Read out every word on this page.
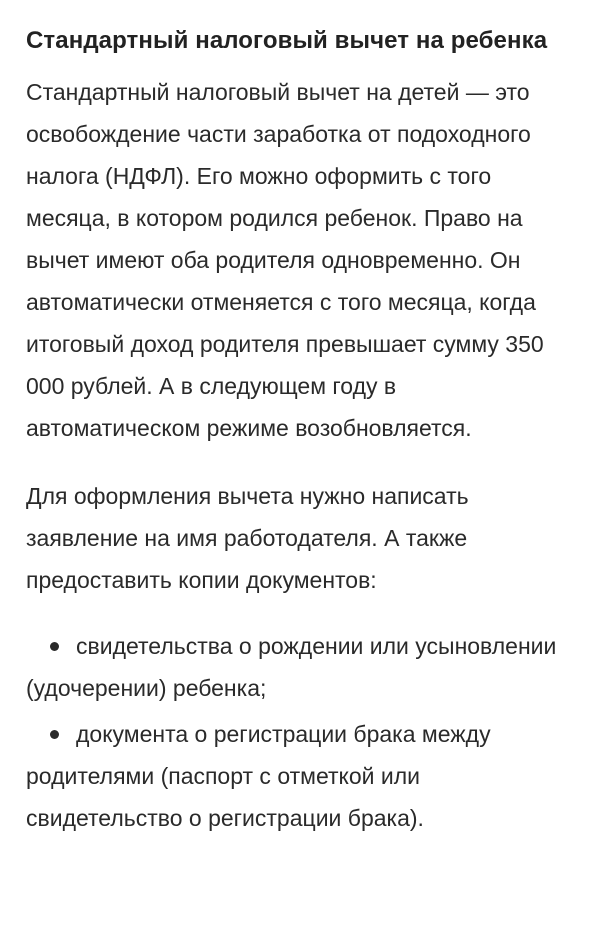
Стандартный налоговый вычет на ребенка

Стандартный налоговый вычет на детей — это освобождение части заработка от подоходного налога (НДФЛ). Его можно оформить с того месяца, в котором родился ребенок. Право на вычет имеют оба родителя одновременно. Он автоматически отменяется с того месяца, когда итоговый доход родителя превышает сумму 350 000 рублей. А в следующем году в автоматическом режиме возобновляется.

Для оформления вычета нужно написать заявление на имя работодателя. А также предоставить копии документов:

свидетельства о рождении или усыновлении (удочерении) ребенка;
документа о регистрации брака между родителями (паспорт с отметкой или свидетельство о регистрации брака).
